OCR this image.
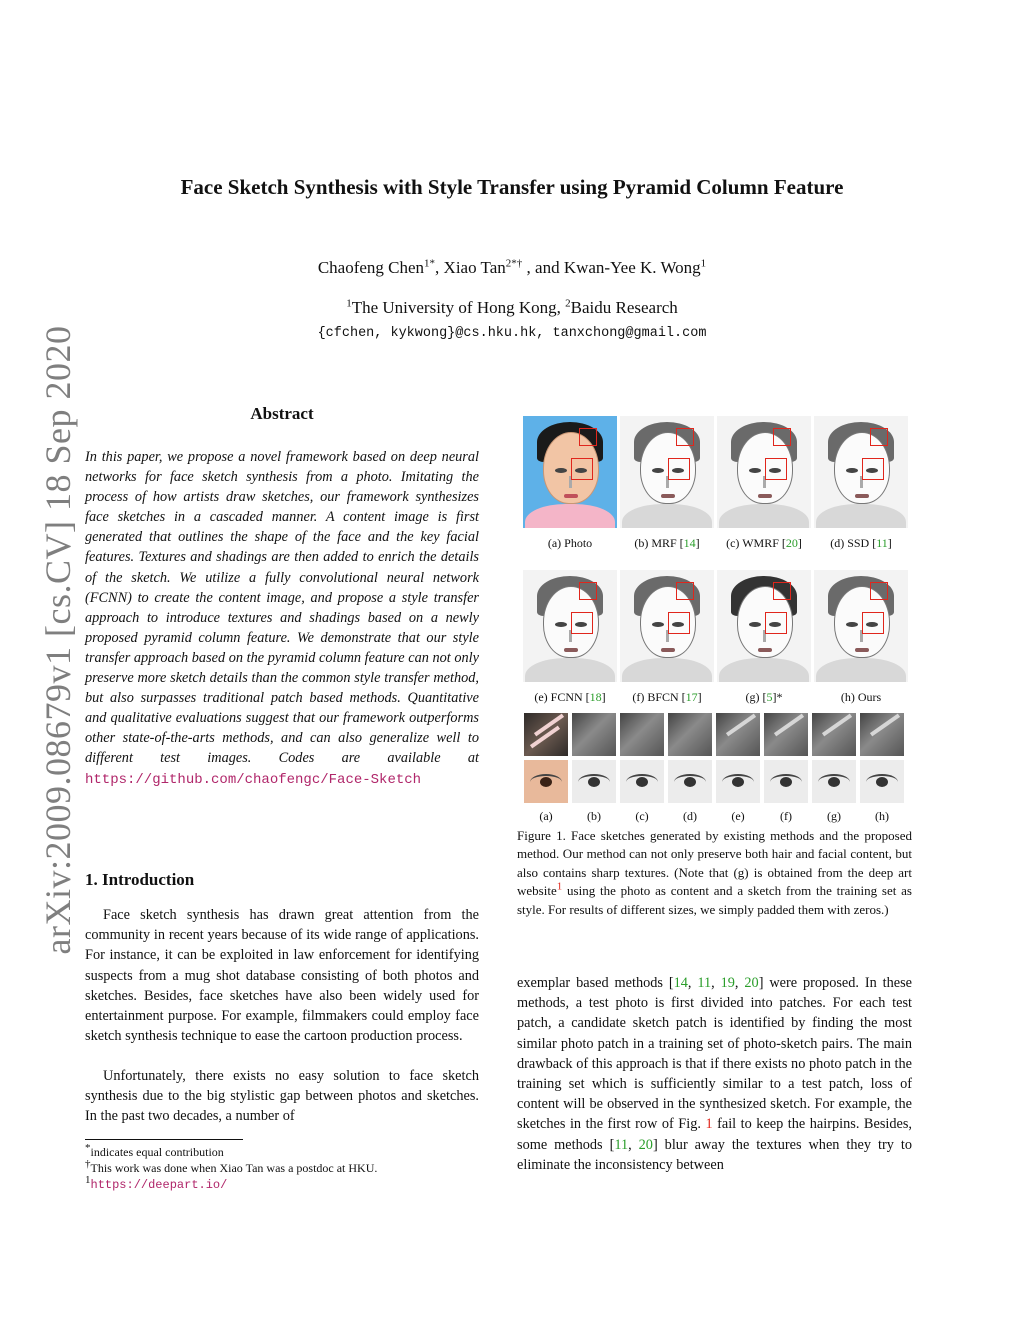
arXiv:2009.08679v1 [cs.CV] 18 Sep 2020
Face Sketch Synthesis with Style Transfer using Pyramid Column Feature
Chaofeng Chen$^{1*}$, Xiao Tan$^{2*\dagger}$ , and Kwan-Yee K. Wong$^1$
$^1$The University of Hong Kong, $^2$Baidu Research
{cfchen, kykwong}@cs.hku.hk, tanxchong@gmail.com
Abstract
In this paper, we propose a novel framework based on deep neural networks for face sketch synthesis from a photo. Imitating the process of how artists draw sketches, our framework synthesizes face sketches in a cascaded manner. A content image is first generated that outlines the shape of the face and the key facial features. Textures and shadings are then added to enrich the details of the sketch. We utilize a fully convolutional neural network (FCNN) to create the content image, and propose a style transfer approach to introduce textures and shadings based on a newly proposed pyramid column feature. We demonstrate that our style transfer approach based on the pyramid column feature can not only preserve more sketch details than the common style transfer method, but also surpasses traditional patch based methods. Quantitative and qualitative evaluations suggest that our framework outperforms other state-of-the-arts methods, and can also generalize well to different test images. Codes are available at https://github.com/chaofengc/Face-Sketch
1. Introduction

Face sketch synthesis has drawn great attention from the community in recent years because of its wide range of applications. For instance, it can be exploited in law enforcement for identifying suspects from a mug shot database consisting of both photos and sketches. Besides, face sketches have also been widely used for entertainment purpose. For example, filmmakers could employ face sketch synthesis technique to ease the cartoon production process.

Unfortunately, there exists no easy solution to face sketch synthesis due to the big stylistic gap between photos and sketches. In the past two decades, a number of

*indicates equal contribution
†This work was done when Xiao Tan was a postdoc at HKU.
$^1$https://deepart.io/
(a) Photo	(b) MRF [14]	(c) WMRF [20]	(d) SSD [11]
(e) FCNN [18]	(f) BFCN [17]	(g) [5]*	(h) Ours
(a)	(b)	(c)	(d)	(e)	(f)	(g)	(h)
Figure 1. Face sketches generated by existing methods and the proposed method. Our method can not only preserve both hair and facial content, but also contains sharp textures. (Note that (g) is obtained from the deep art website$^1$ using the photo as content and a sketch from the training set as style. For results of different sizes, we simply padded them with zeros.)

exemplar based methods [14, 11, 19, 20] were proposed. In these methods, a test photo is first divided into patches. For each test patch, a candidate sketch patch is identified by finding the most similar photo patch in a training set of photo-sketch pairs. The main drawback of this approach is that if there exists no photo patch in the training set which is sufficiently similar to a test patch, loss of content will be observed in the synthesized sketch. For example, the sketches in the first row of Fig. 1 fail to keep the hairpins. Besides, some methods [11, 20] blur away the textures when they try to eliminate the inconsistency between
